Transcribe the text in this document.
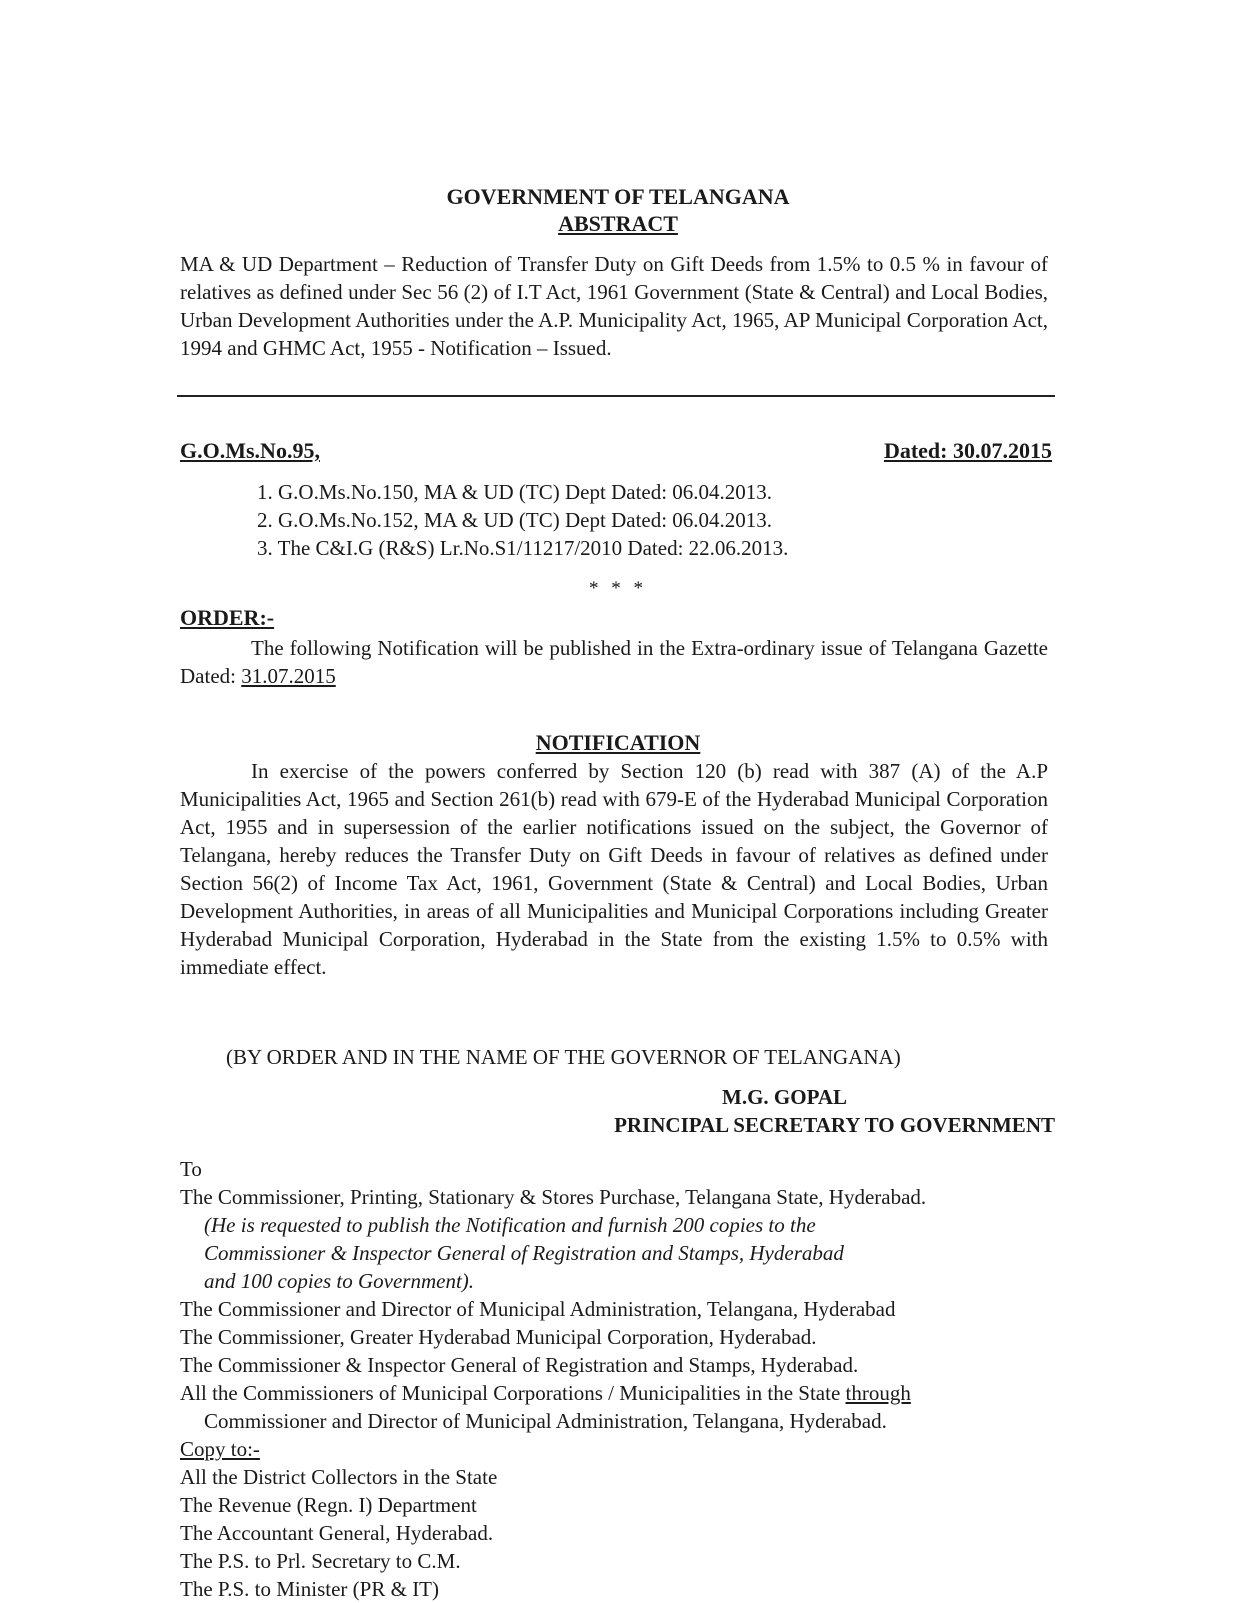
GOVERNMENT OF TELANGANA
ABSTRACT
MA & UD Department – Reduction of Transfer Duty on Gift Deeds from 1.5% to 0.5 % in favour of relatives as defined under Sec 56 (2) of I.T Act, 1961 Government (State & Central) and Local Bodies, Urban Development Authorities under the A.P. Municipality Act, 1965, AP Municipal Corporation Act, 1994 and GHMC Act, 1955 - Notification – Issued.
G.O.Ms.No.95,	Dated: 30.07.2015
1. G.O.Ms.No.150, MA & UD (TC) Dept Dated: 06.04.2013.
2. G.O.Ms.No.152, MA & UD (TC) Dept Dated: 06.04.2013.
3. The C&I.G (R&S) Lr.No.S1/11217/2010 Dated: 22.06.2013.
* * *
ORDER:-
The following Notification will be published in the Extra-ordinary issue of Telangana Gazette Dated: 31.07.2015
NOTIFICATION
In exercise of the powers conferred by Section 120 (b) read with 387 (A) of the A.P Municipalities Act, 1965 and Section 261(b) read with 679-E of the Hyderabad Municipal Corporation Act, 1955 and in supersession of the earlier notifications issued on the subject, the Governor of Telangana, hereby reduces the Transfer Duty on Gift Deeds in favour of relatives as defined under Section 56(2) of Income Tax Act, 1961, Government (State & Central) and Local Bodies, Urban Development Authorities, in areas of all Municipalities and Municipal Corporations including Greater Hyderabad Municipal Corporation, Hyderabad in the State from the existing 1.5% to 0.5% with immediate effect.
(BY ORDER AND IN THE NAME OF THE GOVERNOR OF TELANGANA)
M.G. GOPAL
PRINCIPAL SECRETARY TO GOVERNMENT
To
The Commissioner, Printing, Stationary & Stores Purchase, Telangana State, Hyderabad.
(He is requested to publish the Notification and furnish 200 copies to the
Commissioner & Inspector General of Registration and Stamps, Hyderabad
and 100 copies to Government).
The Commissioner and Director of Municipal Administration, Telangana, Hyderabad
The Commissioner, Greater Hyderabad Municipal Corporation, Hyderabad.
The Commissioner & Inspector General of Registration and Stamps, Hyderabad.
All the Commissioners of Municipal Corporations / Municipalities in the State through
Commissioner and Director of Municipal Administration, Telangana, Hyderabad.
Copy to:-
All the District Collectors in the State
The Revenue (Regn. I) Department
The Accountant General, Hyderabad.
The P.S. to Prl. Secretary to C.M.
The P.S. to Minister (PR & IT)
